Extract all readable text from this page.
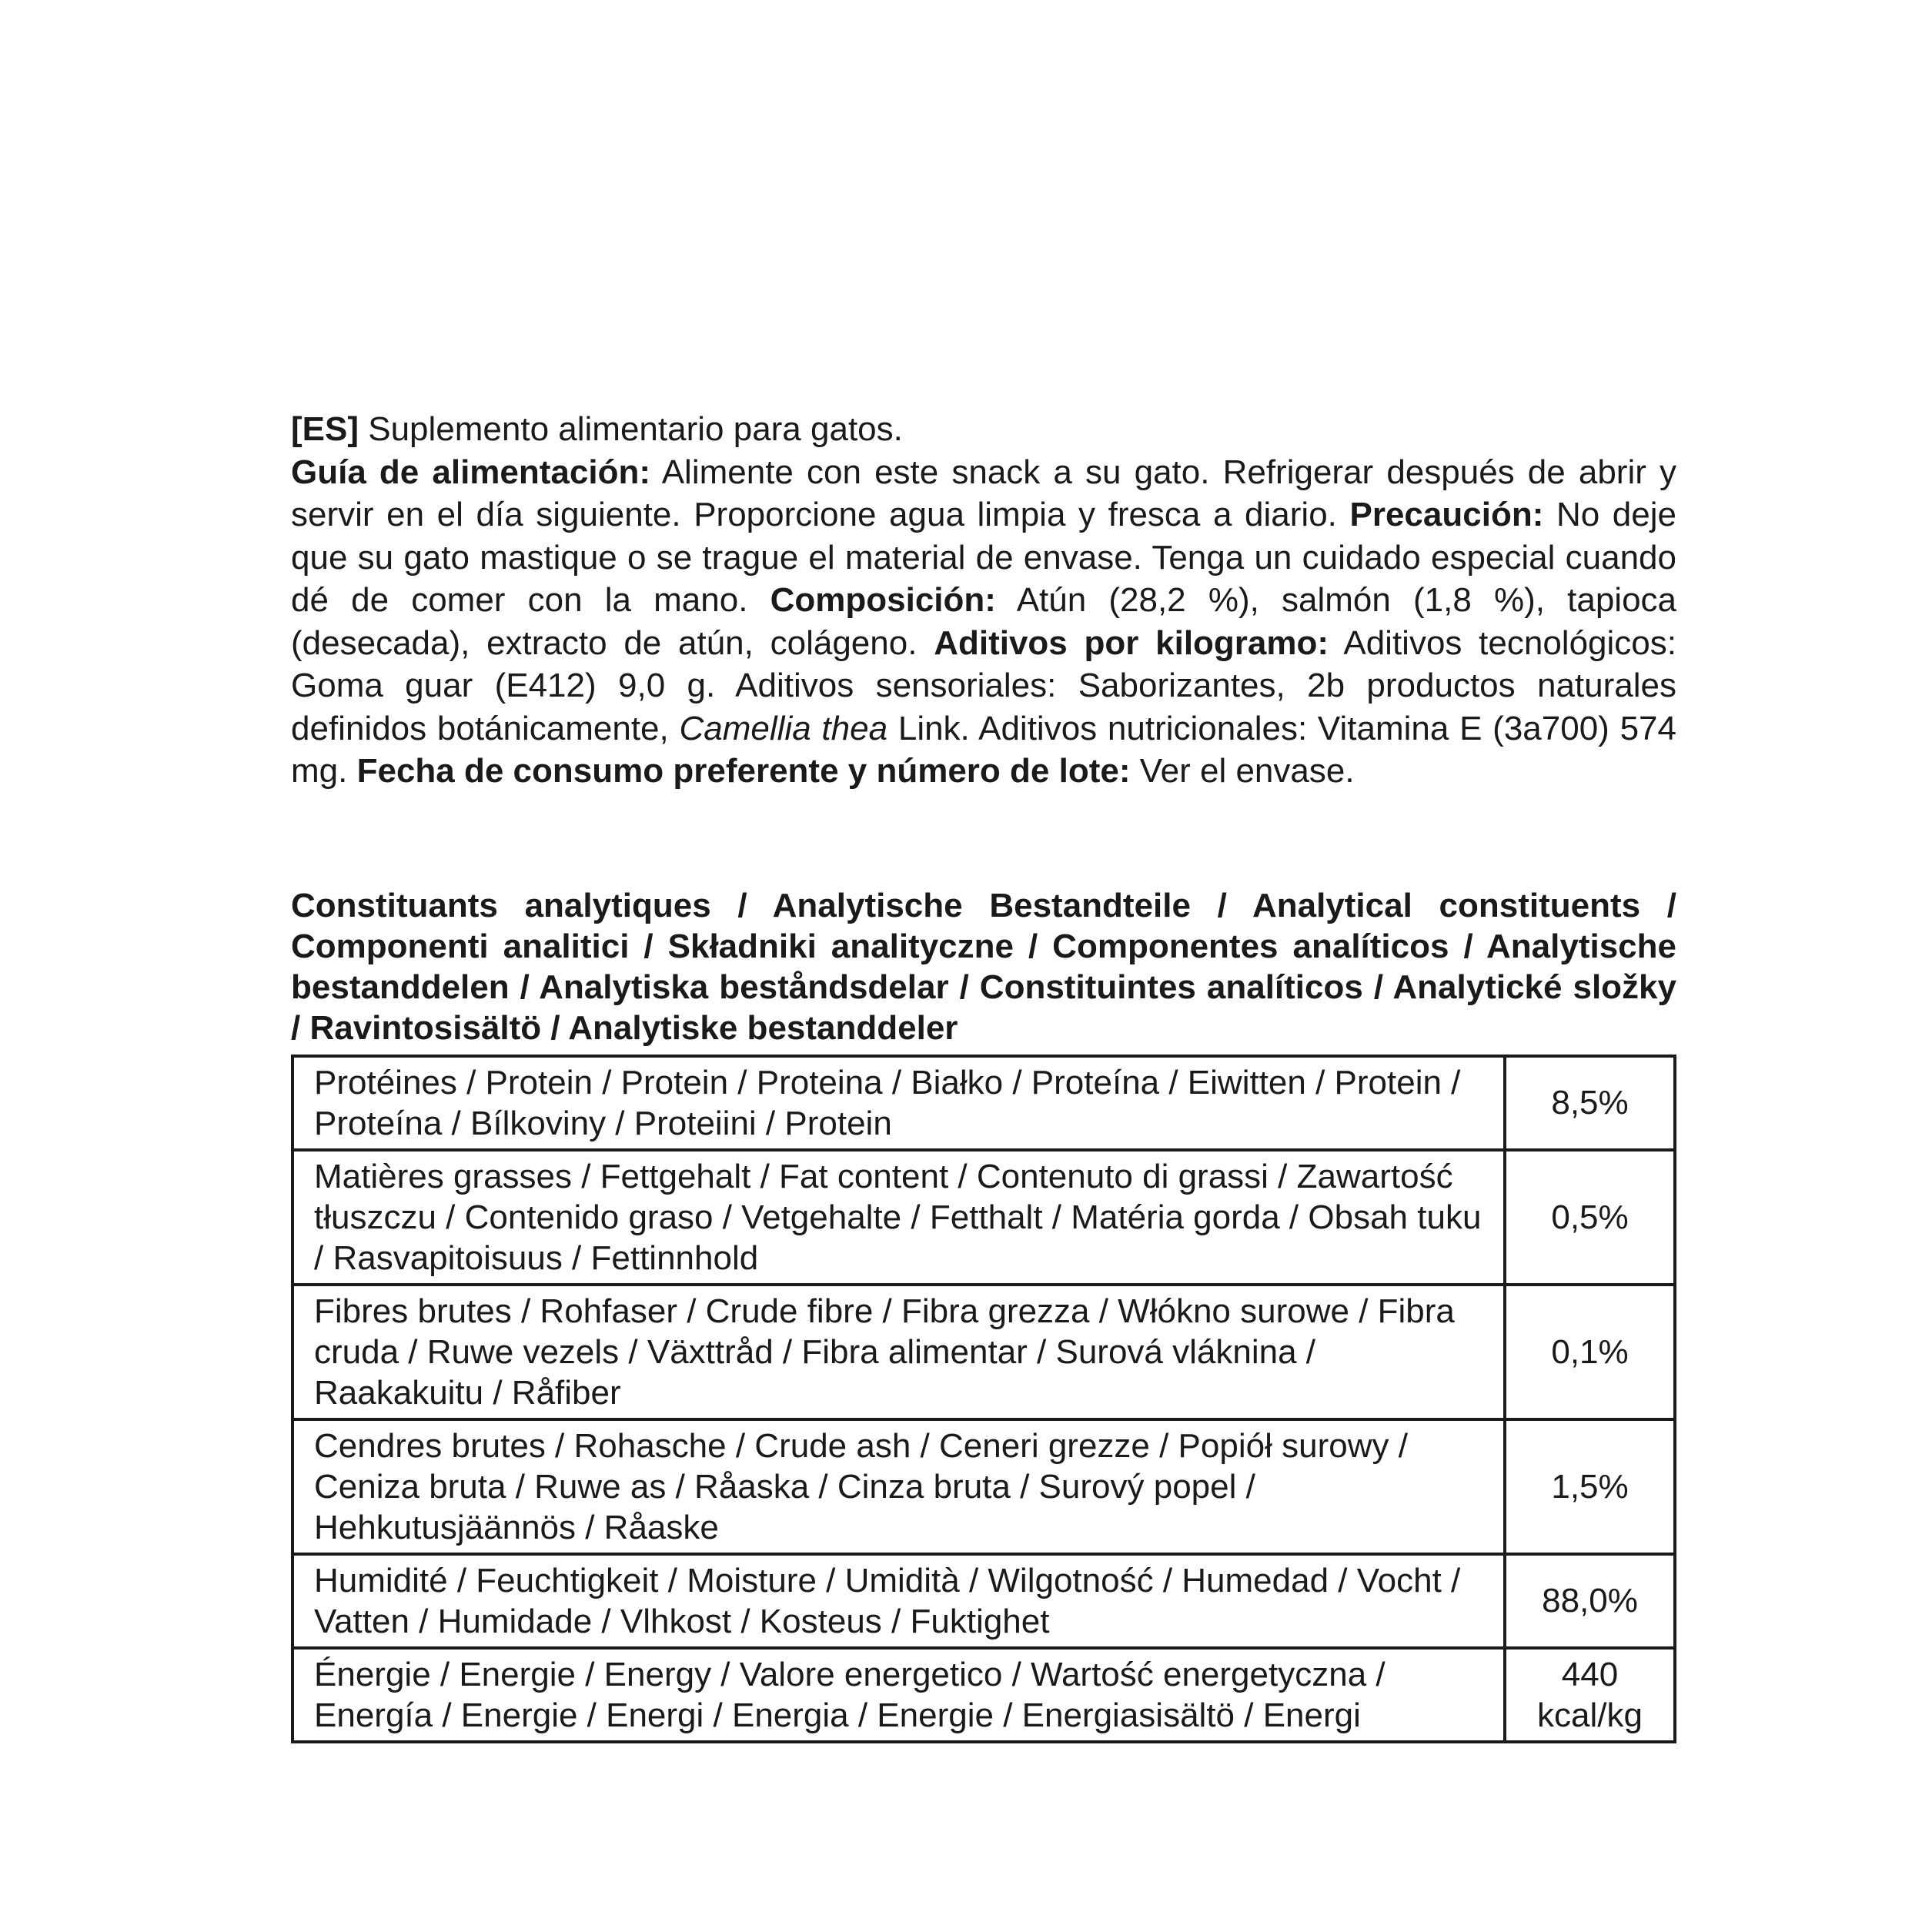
[ES] Suplemento alimentario para gatos.
Guía de alimentación: Alimente con este snack a su gato. Refrigerar después de abrir y servir en el día siguiente. Proporcione agua limpia y fresca a diario. Precaución: No deje que su gato mastique o se trague el material de envase. Tenga un cuidado especial cuando dé de comer con la mano. Composición: Atún (28,2 %), salmón (1,8 %), tapioca (desecada), extracto de atún, colágeno. Aditivos por kilogramo: Aditivos tecnológicos: Goma guar (E412) 9,0 g. Aditivos sensoriales: Saborizantes, 2b productos naturales definidos botánicamente, Camellia thea Link. Aditivos nutricionales: Vitamina E (3a700) 574 mg. Fecha de consumo preferente y número de lote: Ver el envase.

Constituants analytiques / Analytische Bestandteile / Analytical constituents / Componenti analitici / Składniki analityczne / Componentes analíticos / Analytische bestanddelen / Analytiska beståndsdelar / Constituintes analíticos / Analytické složky / Ravintosisältö / Analytiske bestanddeler
Protéines / Protein / Protein / Proteina / Białko / Proteína / Eiwitten / Protein / Proteína / Bílkoviny / Proteiini / Protein	8,5%
Matières grasses / Fettgehalt / Fat content / Contenuto di grassi / Zawartość tłuszczu / Contenido graso / Vetgehalte / Fetthalt / Matéria gorda / Obsah tuku / Rasvapitoisuus / Fettinnhold	0,5%
Fibres brutes / Rohfaser / Crude fibre / Fibra grezza / Włókno surowe / Fibra cruda / Ruwe vezels / Växttråd / Fibra alimentar / Surová vláknina / Raakakuitu / Råfiber	0,1%
Cendres brutes / Rohasche / Crude ash / Ceneri grezze / Popiół surowy / Ceniza bruta / Ruwe as / Råaska / Cinza bruta / Surový popel / Hehkutusjäännös / Råaske	1,5%
Humidité / Feuchtigkeit / Moisture / Umidità / Wilgotność / Humedad / Vocht / Vatten / Humidade / Vlhkost / Kosteus / Fuktighet	88,0%
Énergie / Energie / Energy / Valore energetico / Wartość energetyczna / Energía / Energie / Energi / Energia / Energie / Energiasisältö / Energi	440 kcal/kg
